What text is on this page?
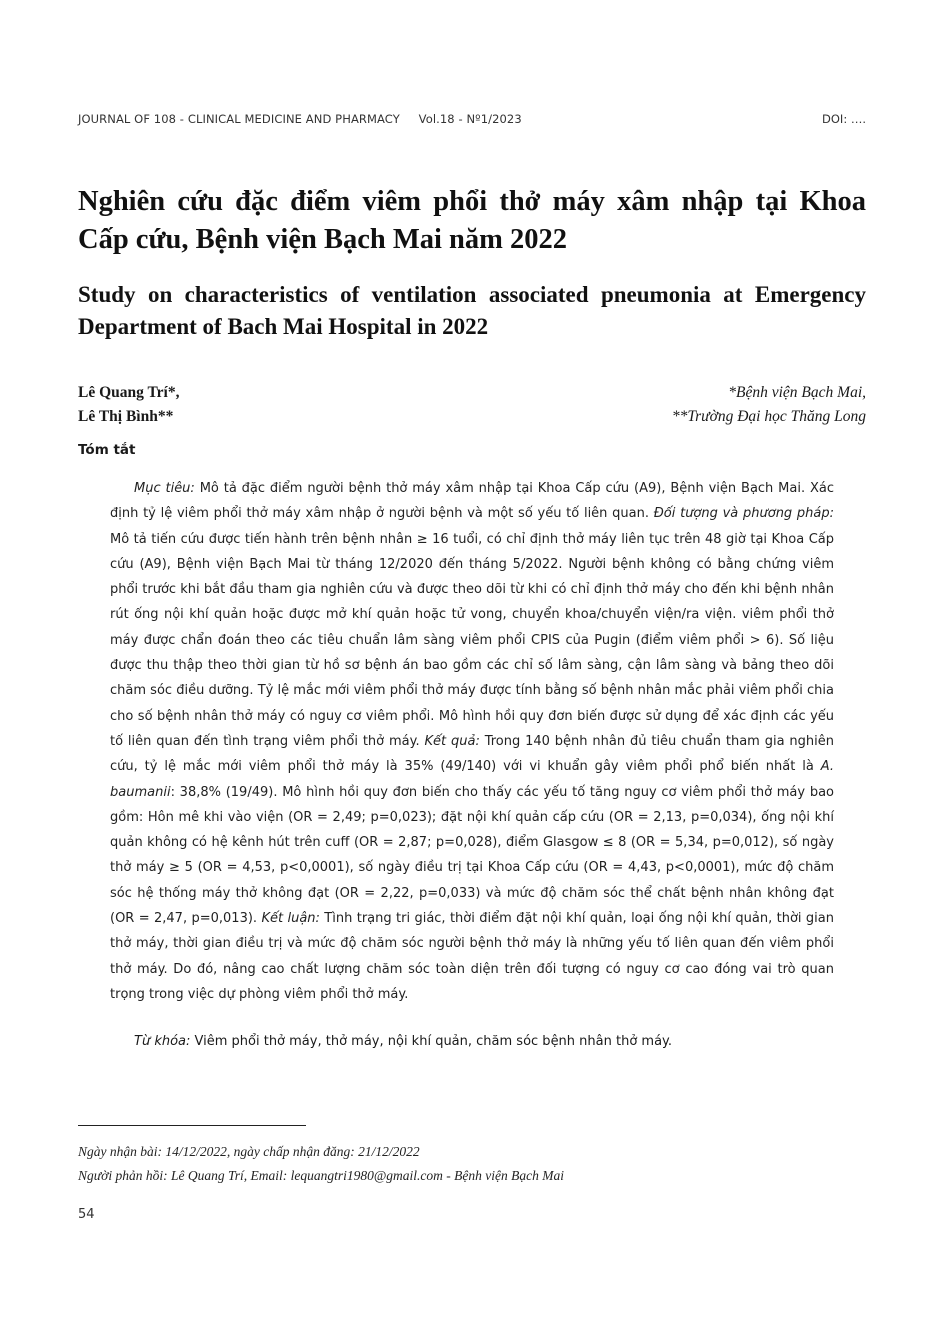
JOURNAL OF 108 - CLINICAL MEDICINE AND PHARMACY Vol.18 - Nº1/2023	DOI: ….
Nghiên cứu đặc điểm viêm phổi thở máy xâm nhập tại Khoa Cấp cứu, Bệnh viện Bạch Mai năm 2022
Study on characteristics of ventilation associated pneumonia at Emergency Department of Bach Mai Hospital in 2022
Lê Quang Trí*,
Lê Thị Bình**
*Bệnh viện Bạch Mai,
**Trường Đại học Thăng Long
Tóm tắt

Mục tiêu: Mô tả đặc điểm người bệnh thở máy xâm nhập tại Khoa Cấp cứu (A9), Bệnh viện Bạch Mai. Xác định tỷ lệ viêm phổi thở máy xâm nhập ở người bệnh và một số yếu tố liên quan. Đối tượng và phương pháp: Mô tả tiến cứu được tiến hành trên bệnh nhân ≥ 16 tuổi, có chỉ định thở máy liên tục trên 48 giờ tại Khoa Cấp cứu (A9), Bệnh viện Bạch Mai từ tháng 12/2020 đến tháng 5/2022. Người bệnh không có bằng chứng viêm phổi trước khi bắt đầu tham gia nghiên cứu và được theo dõi từ khi có chỉ định thở máy cho đến khi bệnh nhân rút ống nội khí quản hoặc được mở khí quản hoặc tử vong, chuyển khoa/chuyển viện/ra viện. viêm phổi thở máy được chẩn đoán theo các tiêu chuẩn lâm sàng viêm phổi CPIS của Pugin (điểm viêm phổi > 6). Số liệu được thu thập theo thời gian từ hồ sơ bệnh án bao gồm các chỉ số lâm sàng, cận lâm sàng và bảng theo dõi chăm sóc điều dưỡng. Tỷ lệ mắc mới viêm phổi thở máy được tính bằng số bệnh nhân mắc phải viêm phổi chia cho số bệnh nhân thở máy có nguy cơ viêm phổi. Mô hình hồi quy đơn biến được sử dụng để xác định các yếu tố liên quan đến tình trạng viêm phổi thở máy. Kết quả: Trong 140 bệnh nhân đủ tiêu chuẩn tham gia nghiên cứu, tỷ lệ mắc mới viêm phổi thở máy là 35% (49/140) với vi khuẩn gây viêm phổi phổ biến nhất là A. baumanii: 38,8% (19/49). Mô hình hồi quy đơn biến cho thấy các yếu tố tăng nguy cơ viêm phổi thở máy bao gồm: Hôn mê khi vào viện (OR = 2,49; p=0,023); đặt nội khí quản cấp cứu (OR = 2,13, p=0,034), ống nội khí quản không có hệ kênh hút trên cuff (OR = 2,87; p=0,028), điểm Glasgow ≤ 8 (OR = 5,34, p=0,012), số ngày thở máy ≥ 5 (OR = 4,53, p<0,0001), số ngày điều trị tại Khoa Cấp cứu (OR = 4,43, p<0,0001), mức độ chăm sóc hệ thống máy thở không đạt (OR = 2,22, p=0,033) và mức độ chăm sóc thể chất bệnh nhân không đạt (OR = 2,47, p=0,013). Kết luận: Tình trạng tri giác, thời điểm đặt nội khí quản, loại ống nội khí quản, thời gian thở máy, thời gian điều trị và mức độ chăm sóc người bệnh thở máy là những yếu tố liên quan đến viêm phổi thở máy. Do đó, nâng cao chất lượng chăm sóc toàn diện trên đối tượng có nguy cơ cao đóng vai trò quan trọng trong việc dự phòng viêm phổi thở máy.

Từ khóa: Viêm phổi thở máy, thở máy, nội khí quản, chăm sóc bệnh nhân thở máy.
Ngày nhận bài: 14/12/2022, ngày chấp nhận đăng: 21/12/2022
Người phản hồi: Lê Quang Trí, Email: lequangtri1980@gmail.com - Bệnh viện Bạch Mai
54
